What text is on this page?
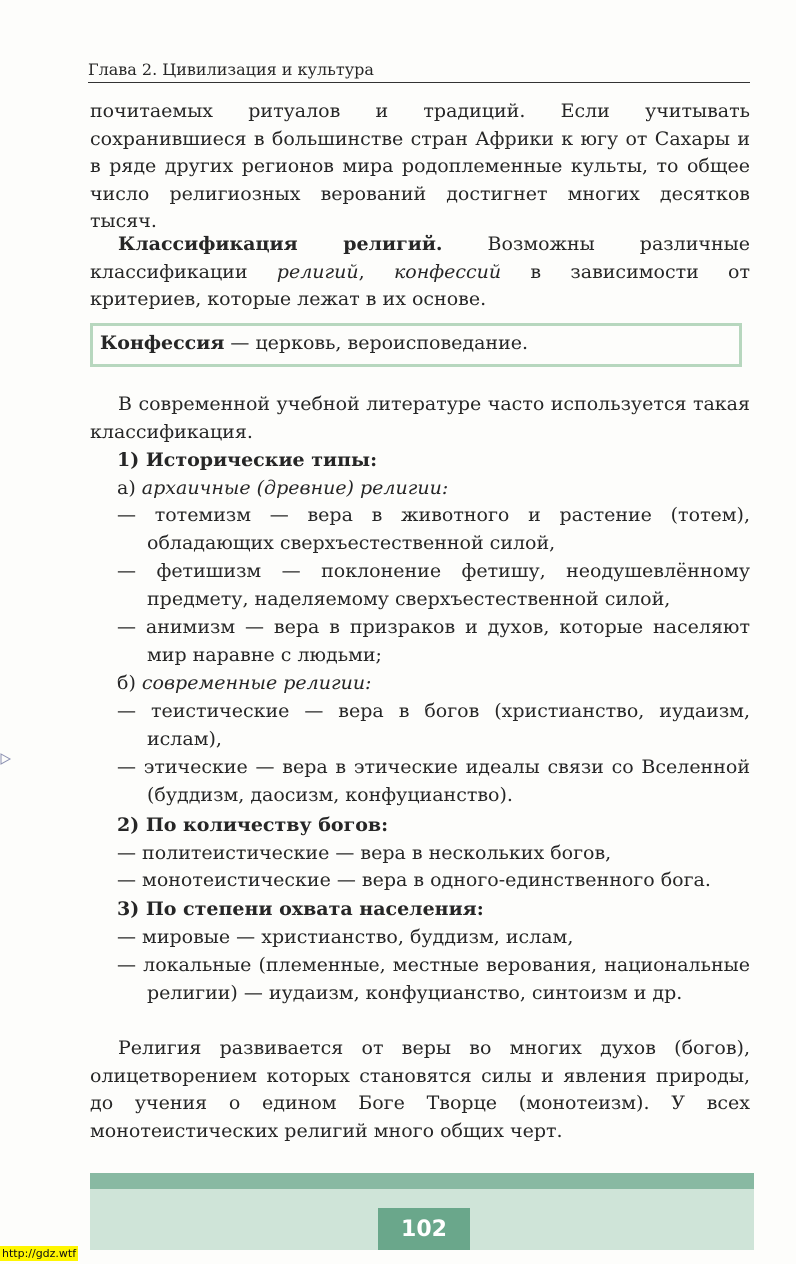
Глава 2. Цивилизация и культура
почитаемых ритуалов и традиций. Если учитывать сохранившиеся в большинстве стран Африки к югу от Сахары и в ряде других регионов мира родоплеменные культы, то общее число религиозных верований достигнет многих десятков тысяч.
Классификация религий. Возможны различные классификации религий, конфессий в зависимости от критериев, которые лежат в их основе.
Конфессия — церковь, вероисповедание.
В современной учебной литературе часто используется такая классификация.
1) Исторические типы:
а) архаичные (древние) религии:
— тотемизм — вера в животного и растение (тотем), обладающих сверхъестественной силой,
— фетишизм — поклонение фетишу, неодушевлённому предмету, наделяемому сверхъестественной силой,
— анимизм — вера в призраков и духов, которые населяют мир наравне с людьми;
б) современные религии:
— теистические — вера в богов (христианство, иудаизм, ислам),
— этические — вера в этические идеалы связи со Вселенной (буддизм, даосизм, конфуцианство).
2) По количеству богов:
— политеистические — вера в нескольких богов,
— монотеистические — вера в одного-единственного бога.
3) По степени охвата населения:
— мировые — христианство, буддизм, ислам,
— локальные (племенные, местные верования, национальные религии) — иудаизм, конфуцианство, синтоизм и др.
Религия развивается от веры во многих духов (богов), олицетворением которых становятся силы и явления природы, до учения о едином Боге Творце (монотеизм). У всех монотеистических религий много общих черт.
102
http://gdz.wtf
